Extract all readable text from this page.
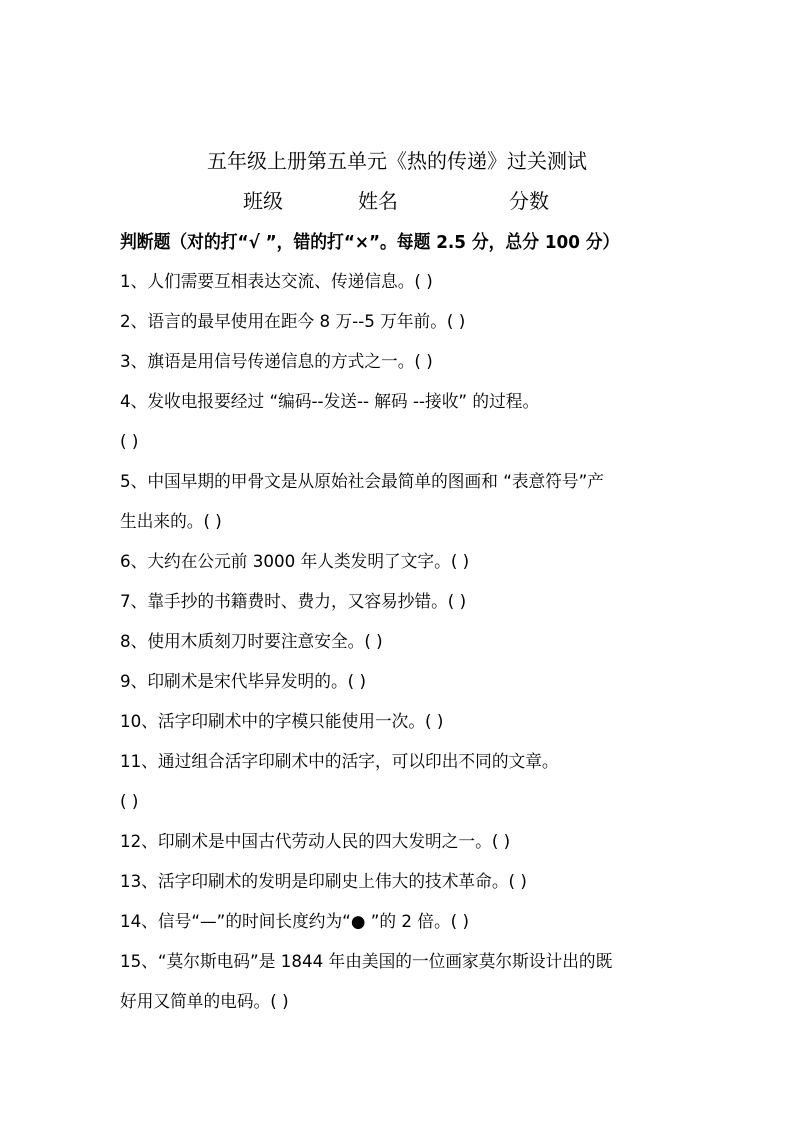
五年级上册第五单元《热的传递》过关测试
班级	姓名	分数
判断题（对的打“√ ”，错的打“×”。每题 2.5 分，总分 100 分）
1、人们需要互相表达交流、传递信息。( )
2、语言的最早使用在距今 8 万--5 万年前。( )
3、旗语是用信号传递信息的方式之一。( )
4、发收电报要经过 “编码--发送-- 解码 --接收” 的过程。
( )
5、中国早期的甲骨文是从原始社会最简单的图画和 “表意符号”产
生出来的。( )
6、大约在公元前 3000 年人类发明了文字。( )
7、靠手抄的书籍费时、费力，又容易抄错。( )
8、使用木质刻刀时要注意安全。( )
9、印刷术是宋代毕异发明的。( )
10、活字印刷术中的字模只能使用一次。( )
11、通过组合活字印刷术中的活字，可以印出不同的文章。
( )
12、印刷术是中国古代劳动人民的四大发明之一。( )
13、活字印刷术的发明是印刷史上伟大的技术革命。( )
14、信号“—”的时间长度约为“● ”的 2 倍。( )
15、“莫尔斯电码”是 1844 年由美国的一位画家莫尔斯设计出的既
好用又简单的电码。( )
